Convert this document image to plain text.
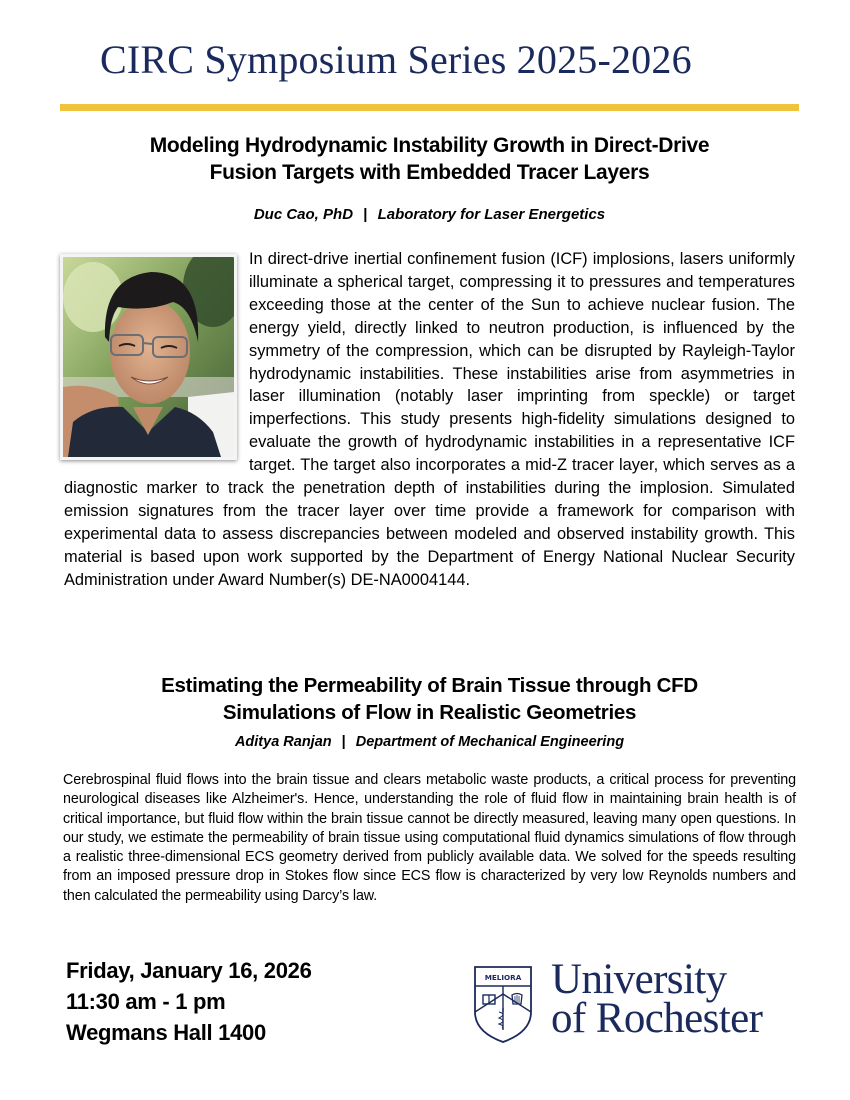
CIRC Symposium Series 2025-2026
Modeling Hydrodynamic Instability Growth in Direct-Drive
Fusion Targets with Embedded Tracer Layers
Duc Cao, PhD | Laboratory for Laser Energetics
In direct-drive inertial confinement fusion (ICF) implosions, lasers uniformly illuminate a spherical target, compressing it to pressures and temperatures exceeding those at the center of the Sun to achieve nuclear fusion. The energy yield, directly linked to neutron production, is influenced by the symmetry of the compression, which can be disrupted by Rayleigh-Taylor hydrodynamic instabilities. These instabilities arise from asymmetries in laser illumination (notably laser imprinting from speckle) or target imperfections. This study presents high-fidelity simulations designed to evaluate the growth of hydrodynamic instabilities in a representative ICF target. The target also incorporates a mid-Z tracer layer, which serves as a diagnostic marker to track the penetration depth of instabilities during the implosion. Simulated emission signatures from the tracer layer over time provide a framework for comparison with experimental data to assess discrepancies between modeled and observed instability growth. This material is based upon work supported by the Department of Energy National Nuclear Security Administration under Award Number(s) DE-NA0004144.
Estimating the Permeability of Brain Tissue through CFD
Simulations of Flow in Realistic Geometries
Aditya Ranjan | Department of Mechanical Engineering
Cerebrospinal fluid flows into the brain tissue and clears metabolic waste products, a critical process for preventing neurological diseases like Alzheimer's. Hence, understanding the role of fluid flow in maintaining brain health is of critical importance, but fluid flow within the brain tissue cannot be directly measured, leaving many open questions. In our study, we estimate the permeability of brain tissue using computational fluid dynamics simulations of flow through a realistic three-dimensional ECS geometry derived from publicly available data. We solved for the speeds resulting from an imposed pressure drop in Stokes flow since ECS flow is characterized by very low Reynolds numbers and then calculated the permeability using Darcy’s law.
Friday, January 16, 2026
11:30 am - 1 pm
Wegmans Hall 1400
MELIORA University
of Rochester
